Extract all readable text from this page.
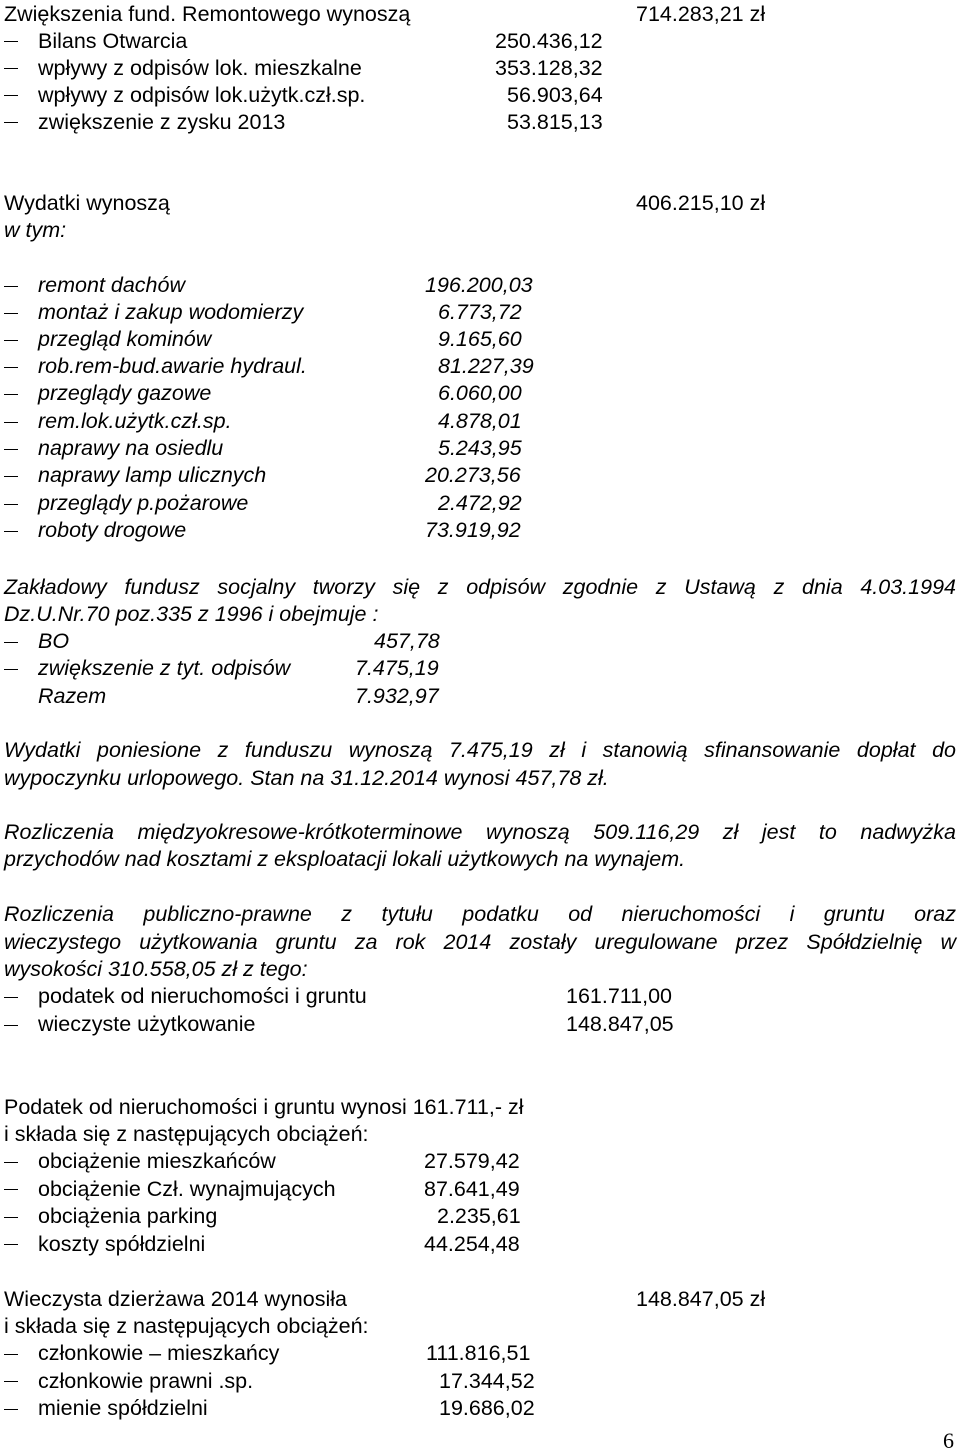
Zwiększenia fund. Remontowego wynoszą	714.283,21 zł
Bilans Otwarcia	250.436,12
wpływy z odpisów lok. mieszkalne	353.128,32
wpływy z odpisów lok.użytk.czł.sp.	56.903,64
zwiększenie z zysku 2013	53.815,13
Wydatki wynoszą	406.215,10 zł
w tym:
remont dachów	196.200,03
montaż i zakup wodomierzy	6.773,72
przegląd kominów	9.165,60
rob.rem-bud.awarie hydraul.	81.227,39
przeglądy gazowe	6.060,00
rem.lok.użytk.czł.sp.	4.878,01
naprawy na osiedlu	5.243,95
naprawy lamp ulicznych	20.273,56
przeglądy p.pożarowe	2.472,92
roboty drogowe	73.919,92
Zakładowy fundusz socjalny tworzy się z odpisów zgodnie z Ustawą z dnia 4.03.1994
Dz.U.Nr.70 poz.335 z 1996 i obejmuje :
BO	457,78
zwiększenie z tyt. odpisów	7.475,19
Razem	7.932,97
Wydatki poniesione z funduszu wynoszą 7.475,19 zł i stanowią sfinansowanie dopłat do
wypoczynku urlopowego. Stan na 31.12.2014 wynosi 457,78 zł.
Rozliczenia międzyokresowe-krótkoterminowe wynoszą 509.116,29 zł jest to nadwyżka
przychodów nad kosztami z eksploatacji lokali użytkowych na wynajem.
Rozliczenia publiczno-prawne z tytułu podatku od nieruchomości i gruntu oraz
wieczystego użytkowania gruntu za rok 2014 zostały uregulowane przez Spółdzielnię w
wysokości 310.558,05 zł z tego:
podatek od nieruchomości i gruntu	161.711,00
wieczyste użytkowanie	148.847,05
Podatek od nieruchomości i gruntu wynosi 161.711,- zł
i składa się z następujących obciążeń:
obciążenie mieszkańców	27.579,42
obciążenie Czł. wynajmujących	87.641,49
obciążenia parking	2.235,61
koszty spółdzielni	44.254,48
Wieczysta dzierżawa 2014 wynosiła	148.847,05 zł
i składa się z następujących obciążeń:
członkowie – mieszkańcy	111.816,51
członkowie prawni .sp.	17.344,52
mienie spółdzielni	19.686,02
6
